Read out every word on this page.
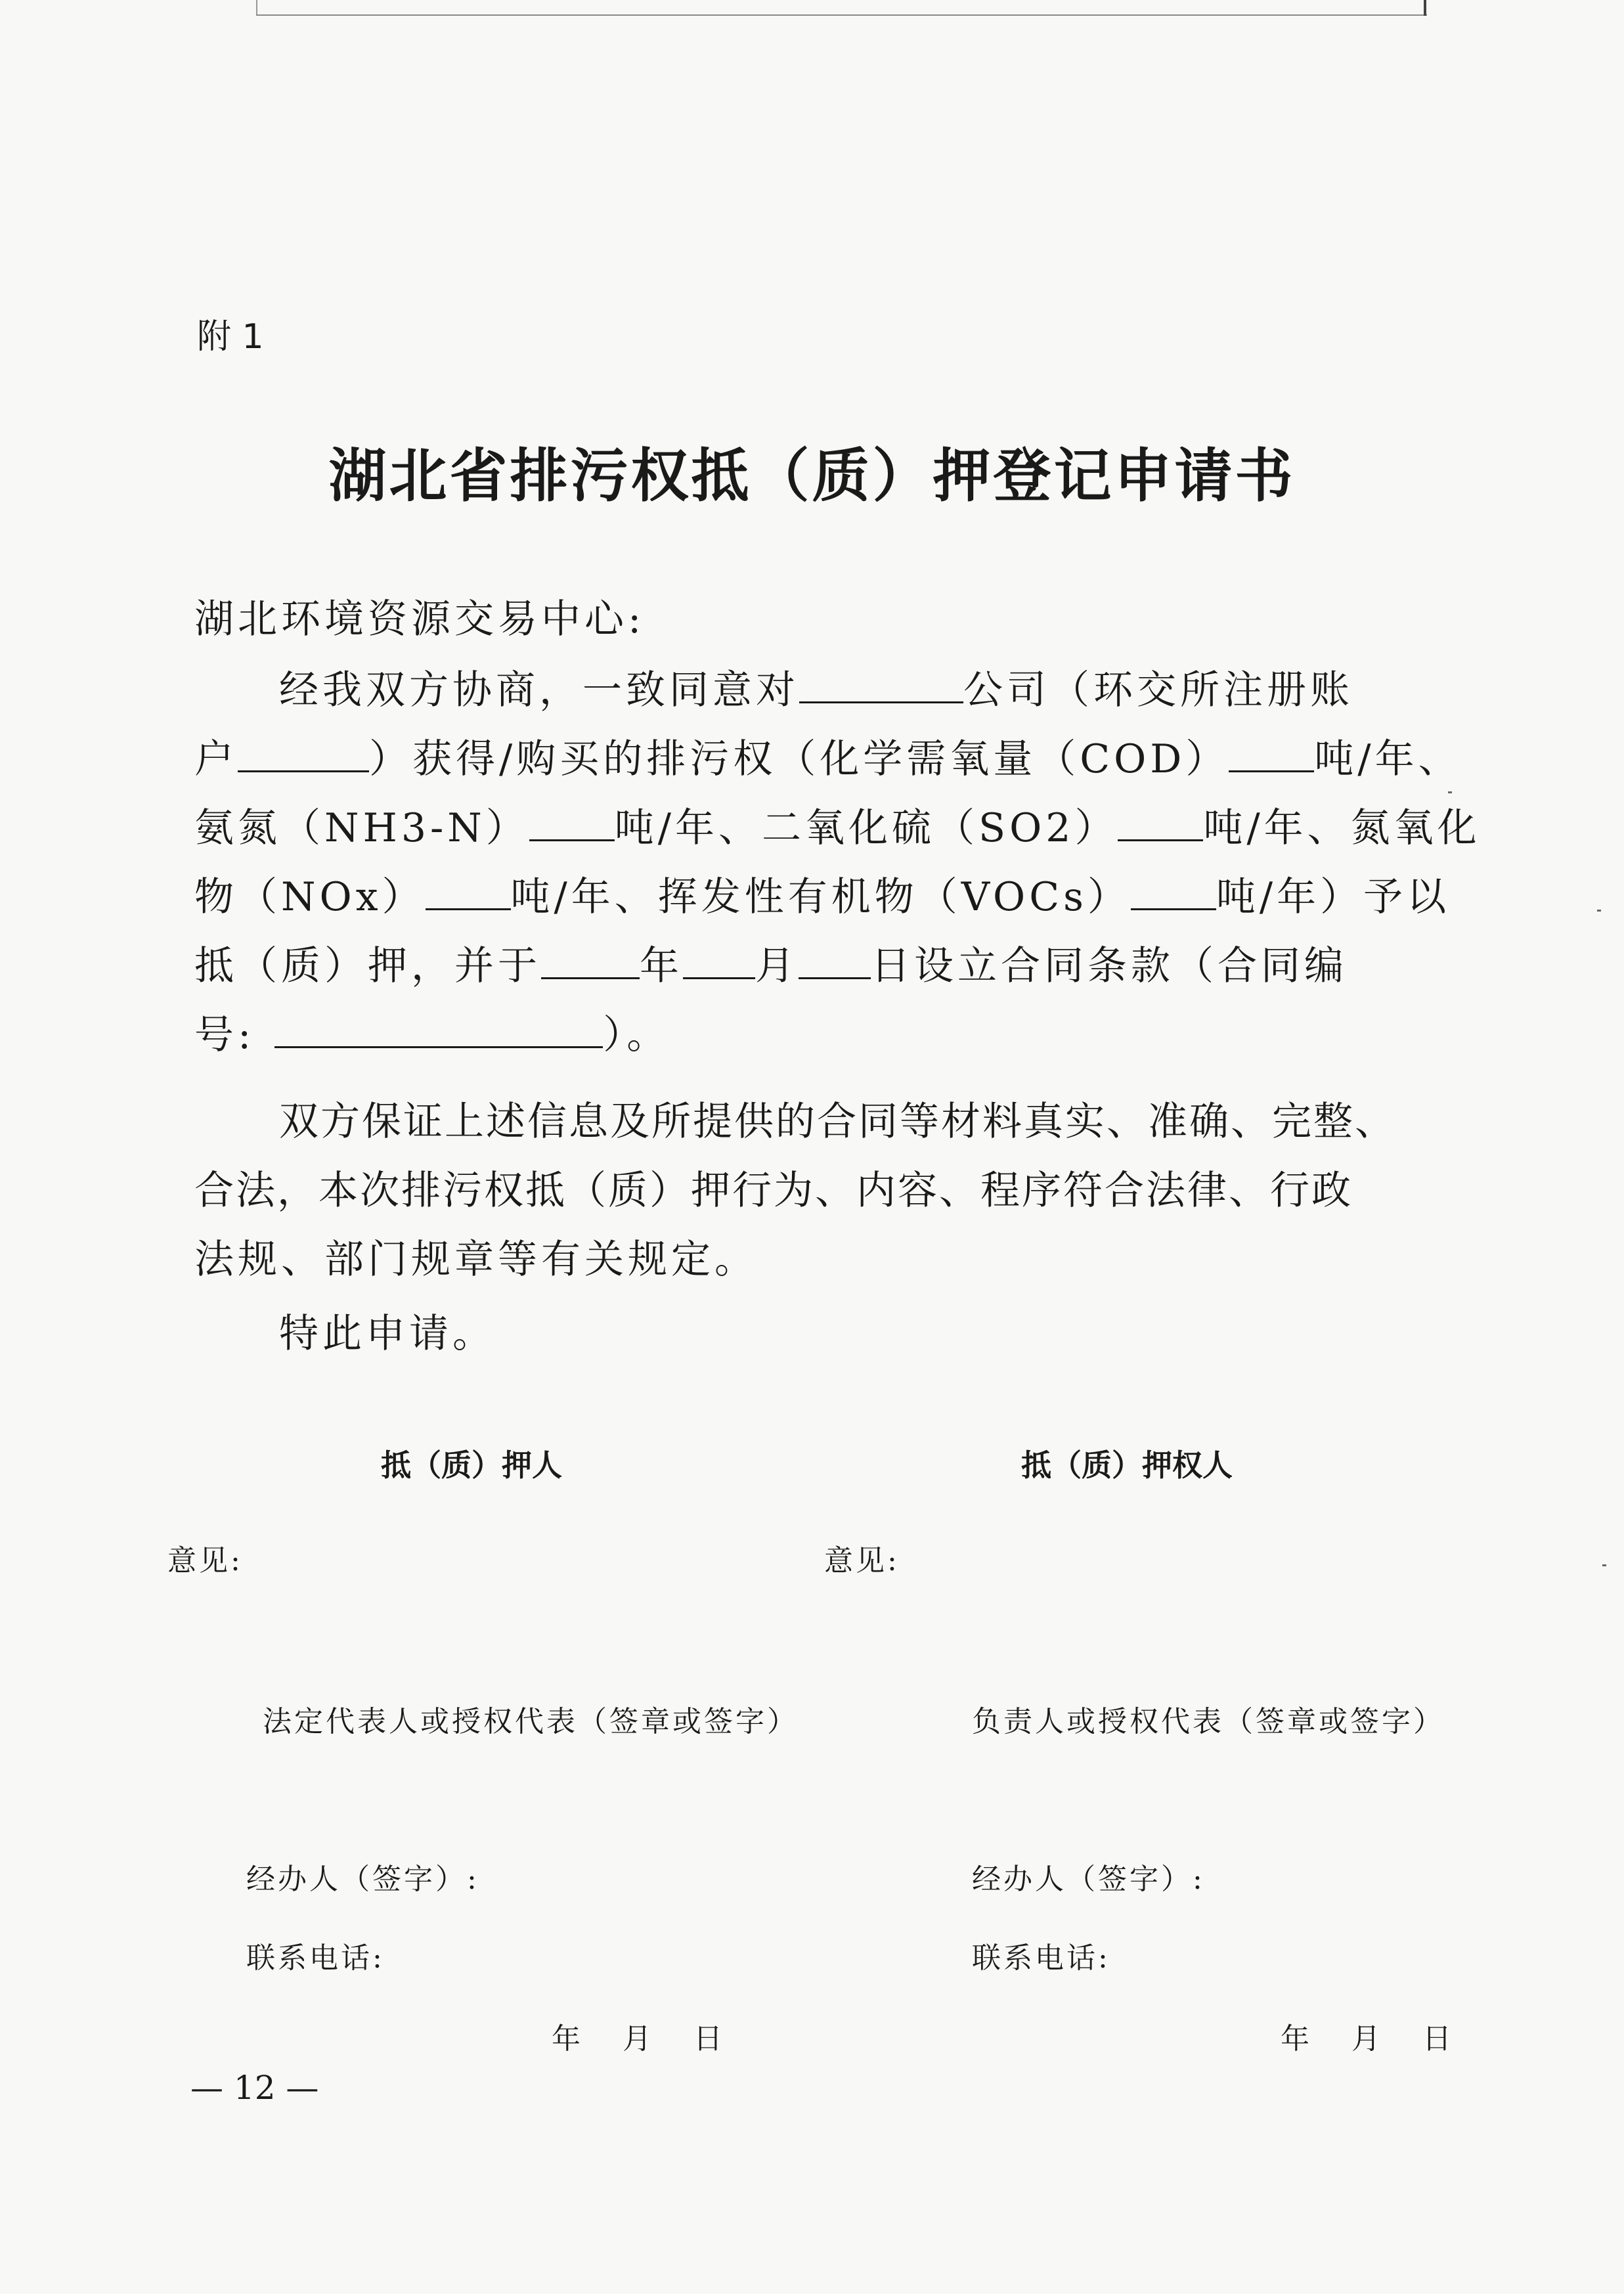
附 1
湖北省排污权抵（质）押登记申请书
湖北环境资源交易中心:
经我双方协商，一致同意对	公司（环交所注册账
户	）获得/购买的排污权（化学需氧量（COD） 吨/年、
氨氮（NH3-N） 吨/年、二氧化硫（SO2） 吨/年、氮氧化
物（NOx） 吨/年、挥发性有机物（VOCs） 吨/年）予以
抵（质）押，并于	年 月 日设立合同条款（合同编
号:	）。
双方保证上述信息及所提供的合同等材料真实、准确、完整、
合法，本次排污权抵（质）押行为、内容、程序符合法律、行政
法规、部门规章等有关规定。
特此申请。
抵（质）押人
意见:
法定代表人或授权代表（签章或签字）
经办人（签字）:
联系电话:
年　月　日
抵（质）押权人
意见:
负责人或授权代表（签章或签字）
经办人（签字）:
联系电话:
年　月　日
— 12 —
